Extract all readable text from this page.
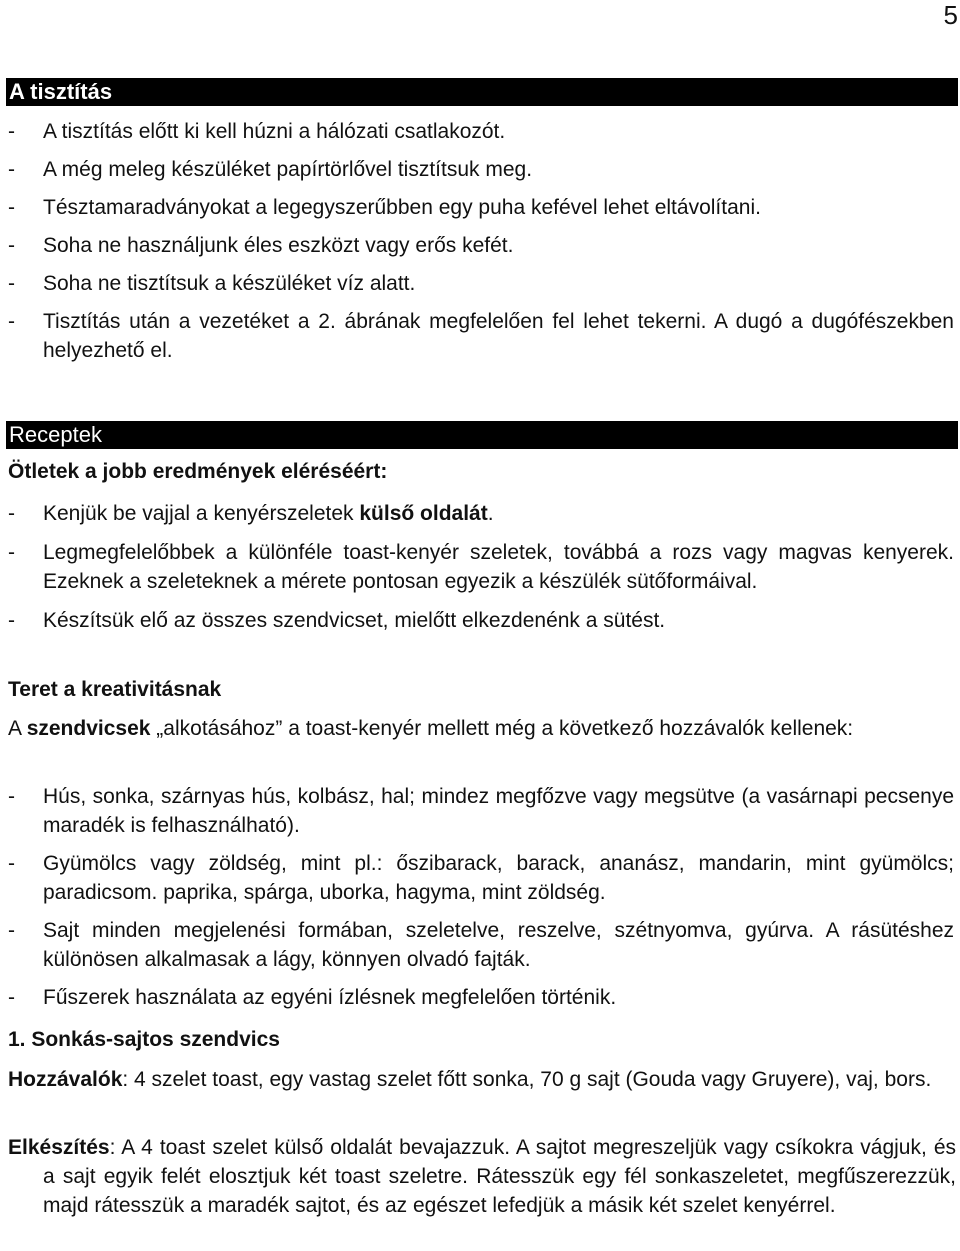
5
A tisztítás
- A tisztítás előtt ki kell húzni a hálózati csatlakozót.
- A még meleg készüléket papírtörlővel tisztítsuk meg.
- Tésztamaradványokat a legegyszerűbben egy puha kefével lehet eltávolítani.
- Soha ne használjunk éles eszközt vagy erős kefét.
- Soha ne tisztítsuk a készüléket víz alatt.
- Tisztítás után a vezetéket a 2. ábrának megfelelően fel lehet tekerni. A dugó a dugófészekben helyezhető el.
Receptek
Ötletek a jobb eredmények eléréséért:
- Kenjük be vajjal a kenyérszeletek külső oldalát.
- Legmegfelelőbbek a különféle toast-kenyér szeletek, továbbá a rozs vagy magvas kenyerek. Ezeknek a szeleteknek a mérete pontosan egyezik a készülék sütőformáival.
- Készítsük elő az összes szendvicset, mielőtt elkezdenénk a sütést.
Teret a kreativitásnak
A szendvicsek „alkotásához” a toast-kenyér mellett még a következő hozzávalók kellenek:
- Hús, sonka, szárnyas hús, kolbász, hal; mindez megfőzve vagy megsütve (a vasárnapi pecsenye maradék is felhasználható).
- Gyümölcs vagy zöldség, mint pl.: őszibarack, barack, ananász, mandarin, mint gyümölcs; paradicsom. paprika, spárga, uborka, hagyma, mint zöldség.
- Sajt minden megjelenési formában, szeletelve, reszelve, szétnyomva, gyúrva. A rásütéshez különösen alkalmasak a lágy, könnyen olvadó fajták.
- Fűszerek használata az egyéni ízlésnek megfelelően történik.
1. Sonkás-sajtos szendvics
Hozzávalók: 4 szelet toast, egy vastag szelet főtt sonka, 70 g sajt (Gouda vagy Gruyere), vaj, bors.
Elkészítés: A 4 toast szelet külső oldalát bevajazzuk. A sajtot megreszeljük vagy csíkokra vágjuk, és a sajt egyik felét elosztjuk két toast szeletre. Rátesszük egy fél sonkaszeletet, megfűszerezzük, majd rátesszük a maradék sajtot, és az egészet lefedjük a másik két szelet kenyérrel.
